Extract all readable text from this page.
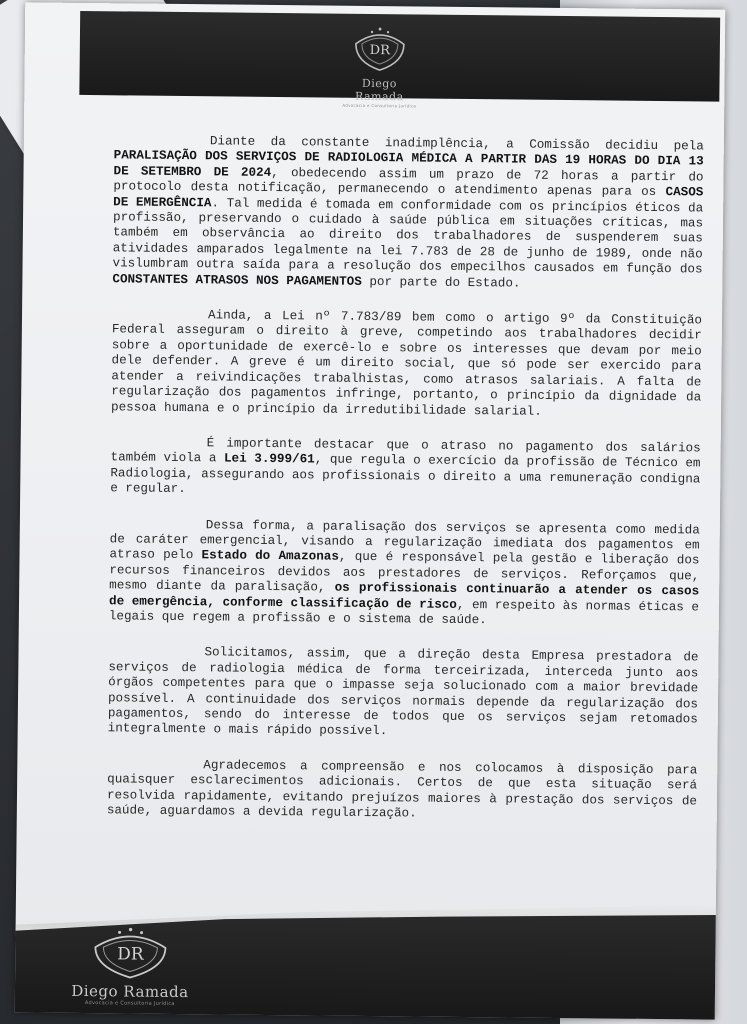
DR
Diego Ramada
Advocacia e Consultoria Jurídica

Diante da constante inadimplência, a Comissão decidiu pela PARALISAÇÃO DOS SERVIÇOS DE RADIOLOGIA MÉDICA A PARTIR DAS 19 HORAS DO DIA 13 DE SETEMBRO DE 2024, obedecendo assim um prazo de 72 horas a partir do protocolo desta notificação, permanecendo o atendimento apenas para os CASOS DE EMERGÊNCIA. Tal medida é tomada em conformidade com os princípios éticos da profissão, preservando o cuidado à saúde pública em situações críticas, mas também em observância ao direito dos trabalhadores de suspenderem suas atividades amparados legalmente na lei 7.783 de 28 de junho de 1989, onde não vislumbram outra saída para a resolução dos empecilhos causados em função dos CONSTANTES ATRASOS NOS PAGAMENTOS por parte do Estado.

Ainda, a Lei nº 7.783/89 bem como o artigo 9º da Constituição Federal asseguram o direito à greve, competindo aos trabalhadores decidir sobre a oportunidade de exercê-lo e sobre os interesses que devam por meio dele defender. A greve é um direito social, que só pode ser exercido para atender a reivindicações trabalhistas, como atrasos salariais. A falta de regularização dos pagamentos infringe, portanto, o princípio da dignidade da pessoa humana e o princípio da irredutibilidade salarial.

É importante destacar que o atraso no pagamento dos salários também viola a Lei 3.999/61, que regula o exercício da profissão de Técnico em Radiologia, assegurando aos profissionais o direito a uma remuneração condigna e regular.

Dessa forma, a paralisação dos serviços se apresenta como medida de caráter emergencial, visando a regularização imediata dos pagamentos em atraso pelo Estado do Amazonas, que é responsável pela gestão e liberação dos recursos financeiros devidos aos prestadores de serviços. Reforçamos que, mesmo diante da paralisação, os profissionais continuarão a atender os casos de emergência, conforme classificação de risco, em respeito às normas éticas e legais que regem a profissão e o sistema de saúde.

Solicitamos, assim, que a direção desta Empresa prestadora de serviços de radiologia médica de forma terceirizada, interceda junto aos órgãos competentes para que o impasse seja solucionado com a maior brevidade possível. A continuidade dos serviços normais depende da regularização dos pagamentos, sendo do interesse de todos que os serviços sejam retomados integralmente o mais rápido possível.

Agradecemos a compreensão e nos colocamos à disposição para quaisquer esclarecimentos adicionais. Certos de que esta situação será resolvida rapidamente, evitando prejuízos maiores à prestação dos serviços de saúde, aguardamos a devida regularização.

DR
Diego Ramada
Advocacia e Consultoria Jurídica
